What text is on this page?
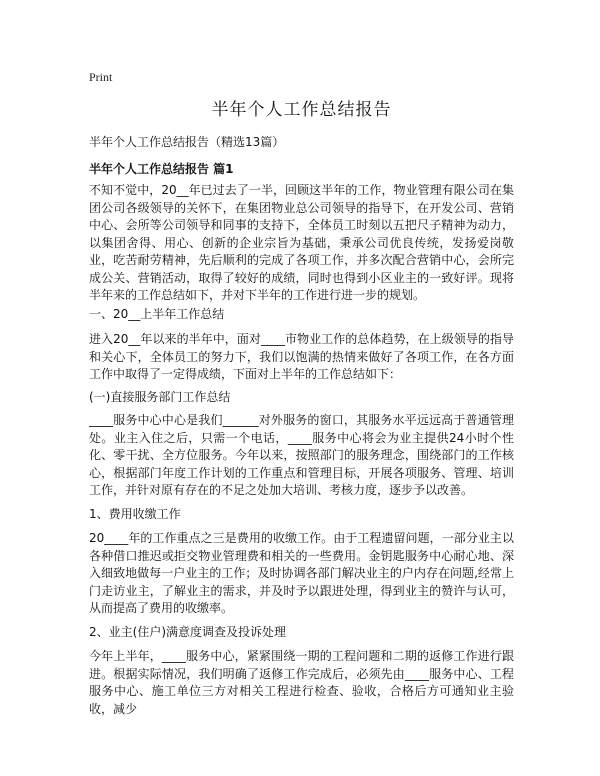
Print
半年个人工作总结报告

半年个人工作总结报告（精选13篇）

半年个人工作总结报告 篇1

不知不觉中，20__年已过去了一半，回顾这半年的工作，物业管理有限公司在集团公司各级领导的关怀下，在集团物业总公司领导的指导下，在开发公司、营销中心、会所等公司领导和同事的支持下，全体员工时刻以五把尺子精神为动力，以集团舍得、用心、创新的企业宗旨为基础，秉承公司优良传统，发扬爱岗敬业，吃苦耐劳精神，先后顺利的完成了各项工作，并多次配合营销中心，会所完成公关、营销活动，取得了较好的成绩，同时也得到小区业主的一致好评。现将半年来的工作总结如下，并对下半年的工作进行进一步的规划。

一、20__上半年工作总结

进入20__年以来的半年中，面对____市物业工作的总体趋势，在上级领导的指导和关心下，全体员工的努力下，我们以饱满的热情来做好了各项工作，在各方面工作中取得了一定得成绩，下面对上半年的工作总结如下：

(一)直接服务部门工作总结

____服务中心中心是我们______对外服务的窗口，其服务水平远远高于普通管理处。业主入住之后，只需一个电话，____服务中心将会为业主提供24小时个性化、零干扰、全方位服务。今年以来，按照部门的服务理念，围绕部门的工作核心，根据部门年度工作计划的工作重点和管理目标，开展各项服务、管理、培训工作，并针对原有存在的不足之处加大培训、考核力度，逐步予以改善。

1、费用收缴工作

20____年的工作重点之三是费用的收缴工作。由于工程遗留问题，一部分业主以各种借口推迟或拒交物业管理费和相关的一些费用。金钥匙服务中心耐心地、深入细致地做每一户业主的工作；及时协调各部门解决业主的户内存在问题,经常上门走访业主，了解业主的需求，并及时予以跟进处理，得到业主的赞许与认可，从而提高了费用的收缴率。

2、业主(住户)满意度调查及投诉处理

今年上半年，____服务中心，紧紧围绕一期的工程问题和二期的返修工作进行跟进。根据实际情况，我们明确了返修工作完成后，必须先由____服务中心、工程服务中心、施工单位三方对相关工程进行检查、验收，合格后方可通知业主验收，减少
